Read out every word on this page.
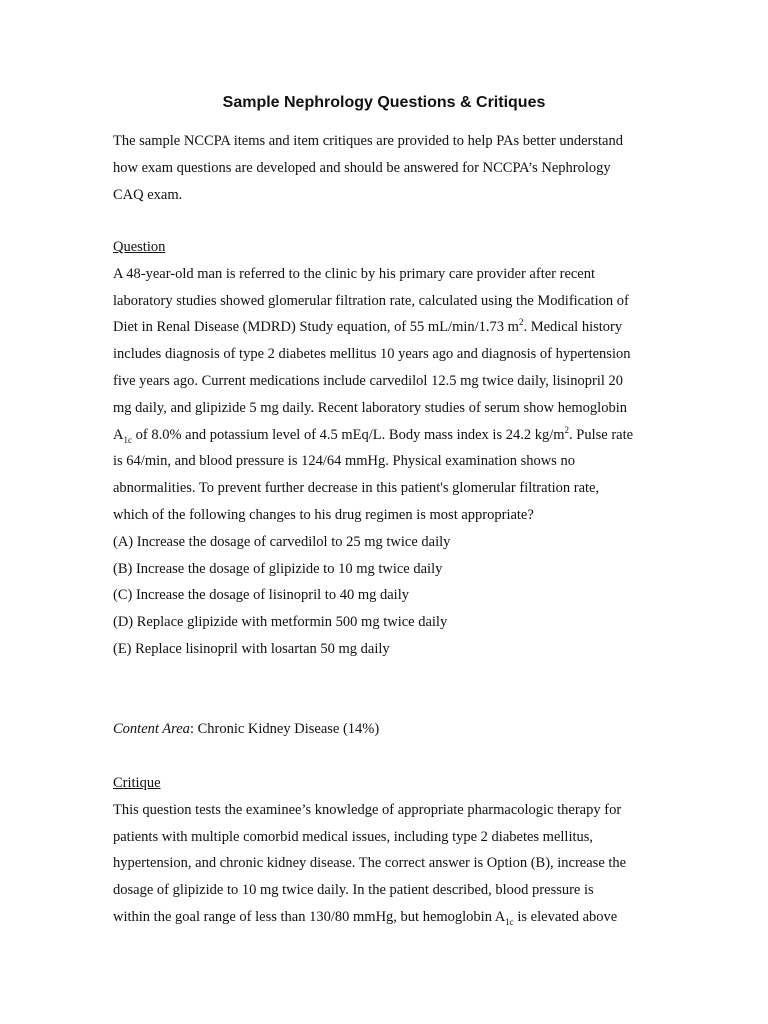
Sample Nephrology Questions & Critiques
The sample NCCPA items and item critiques are provided to help PAs better understand
how exam questions are developed and should be answered for NCCPA’s Nephrology
CAQ exam.
Question
A 48-year-old man is referred to the clinic by his primary care provider after recent
laboratory studies showed glomerular filtration rate, calculated using the Modification of
Diet in Renal Disease (MDRD) Study equation, of 55 mL/min/1.73 $m^2$. Medical history
includes diagnosis of type 2 diabetes mellitus 10 years ago and diagnosis of hypertension
five years ago. Current medications include carvedilol 12.5 mg twice daily, lisinopril 20
mg daily, and glipizide 5 mg daily. Recent laboratory studies of serum show hemoglobin
$A_{1c}$ of 8.0% and potassium level of 4.5 mEq/L. Body mass index is 24.2 $kg/m^2$. Pulse rate
is 64/min, and blood pressure is 124/64 mmHg. Physical examination shows no
abnormalities. To prevent further decrease in this patient's glomerular filtration rate,
which of the following changes to his drug regimen is most appropriate?
(A) Increase the dosage of carvedilol to 25 mg twice daily
(B) Increase the dosage of glipizide to 10 mg twice daily
(C) Increase the dosage of lisinopril to 40 mg daily
(D) Replace glipizide with metformin 500 mg twice daily
(E) Replace lisinopril with losartan 50 mg daily
Content Area: Chronic Kidney Disease (14%)
Critique
This question tests the examinee’s knowledge of appropriate pharmacologic therapy for
patients with multiple comorbid medical issues, including type 2 diabetes mellitus,
hypertension, and chronic kidney disease. The correct answer is Option (B), increase the
dosage of glipizide to 10 mg twice daily. In the patient described, blood pressure is
within the goal range of less than 130/80 mmHg, but hemoglobin $A_{1c}$ is elevated above
